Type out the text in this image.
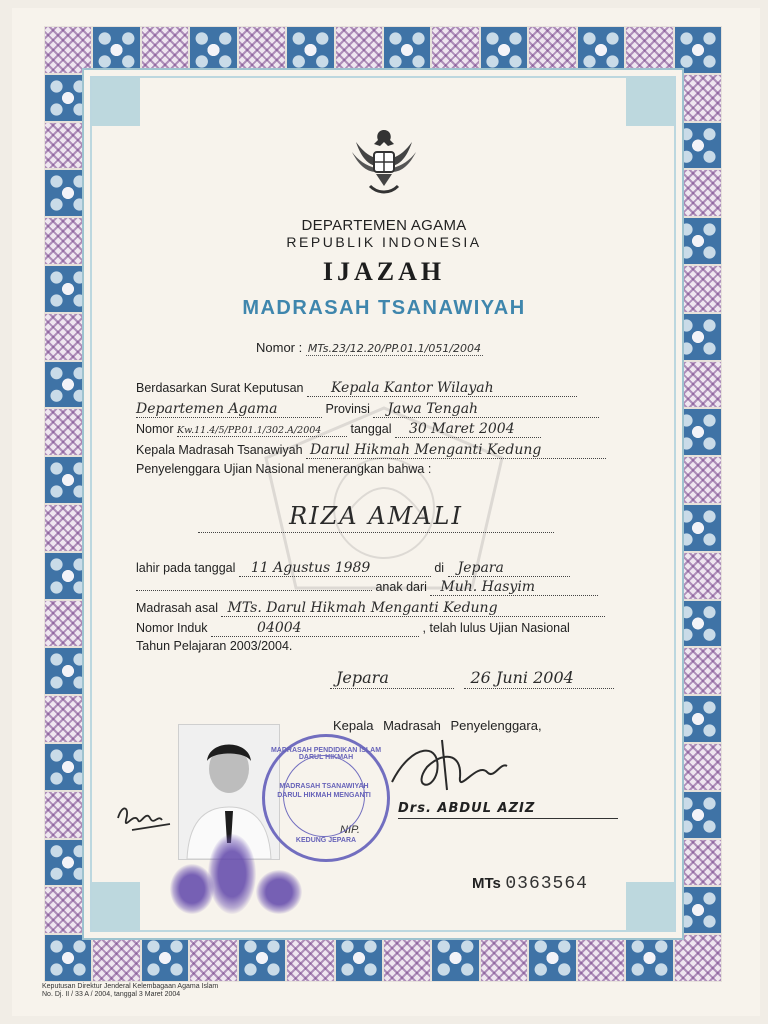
DEPARTEMEN AGAMA
REPUBLIK INDONESIA
IJAZAH
MADRASAH TSANAWIYAH
Nomor : MTs.23/12.20/PP.01.1/051/2004
Berdasarkan Surat Keputusan Kepala Kantor Wilayah
Departemen Agama	Provinsi Jawa Tengah
Nomor Kw.11.4/5/PP.01.1/302.A/2004 tanggal 30 Maret 2004
Kepala Madrasah Tsanawiyah Darul Hikmah Menganti Kedung
Penyelenggara Ujian Nasional menerangkan bahwa :
RIZA AMALI
lahir pada tanggal 11 Agustus 1989	di Jepara
anak dari Muh. Hasyim
Madrasah asal MTs. Darul Hikmah Menganti Kedung
Nomor Induk	04004	, telah lulus Ujian Nasional
Tahun Pelajaran 2003/2004.
Jepara	26 Juni 2004
Kepala Madrasah Penyelenggara,
Drs. ABDUL AZIZ
NIP.
MADRASAH PENDIDIKAN ISLAM DARUL HIKMAH
MADRASAH TSANAWIYAH
DARUL HIKMAH MENGANTI
KEDUNG JEPARA
MTs 0363564
Keputusan Direktur Jenderal Kelembagaan Agama Islam
No. Dj. II / 33 A / 2004, tanggal 3 Maret 2004
